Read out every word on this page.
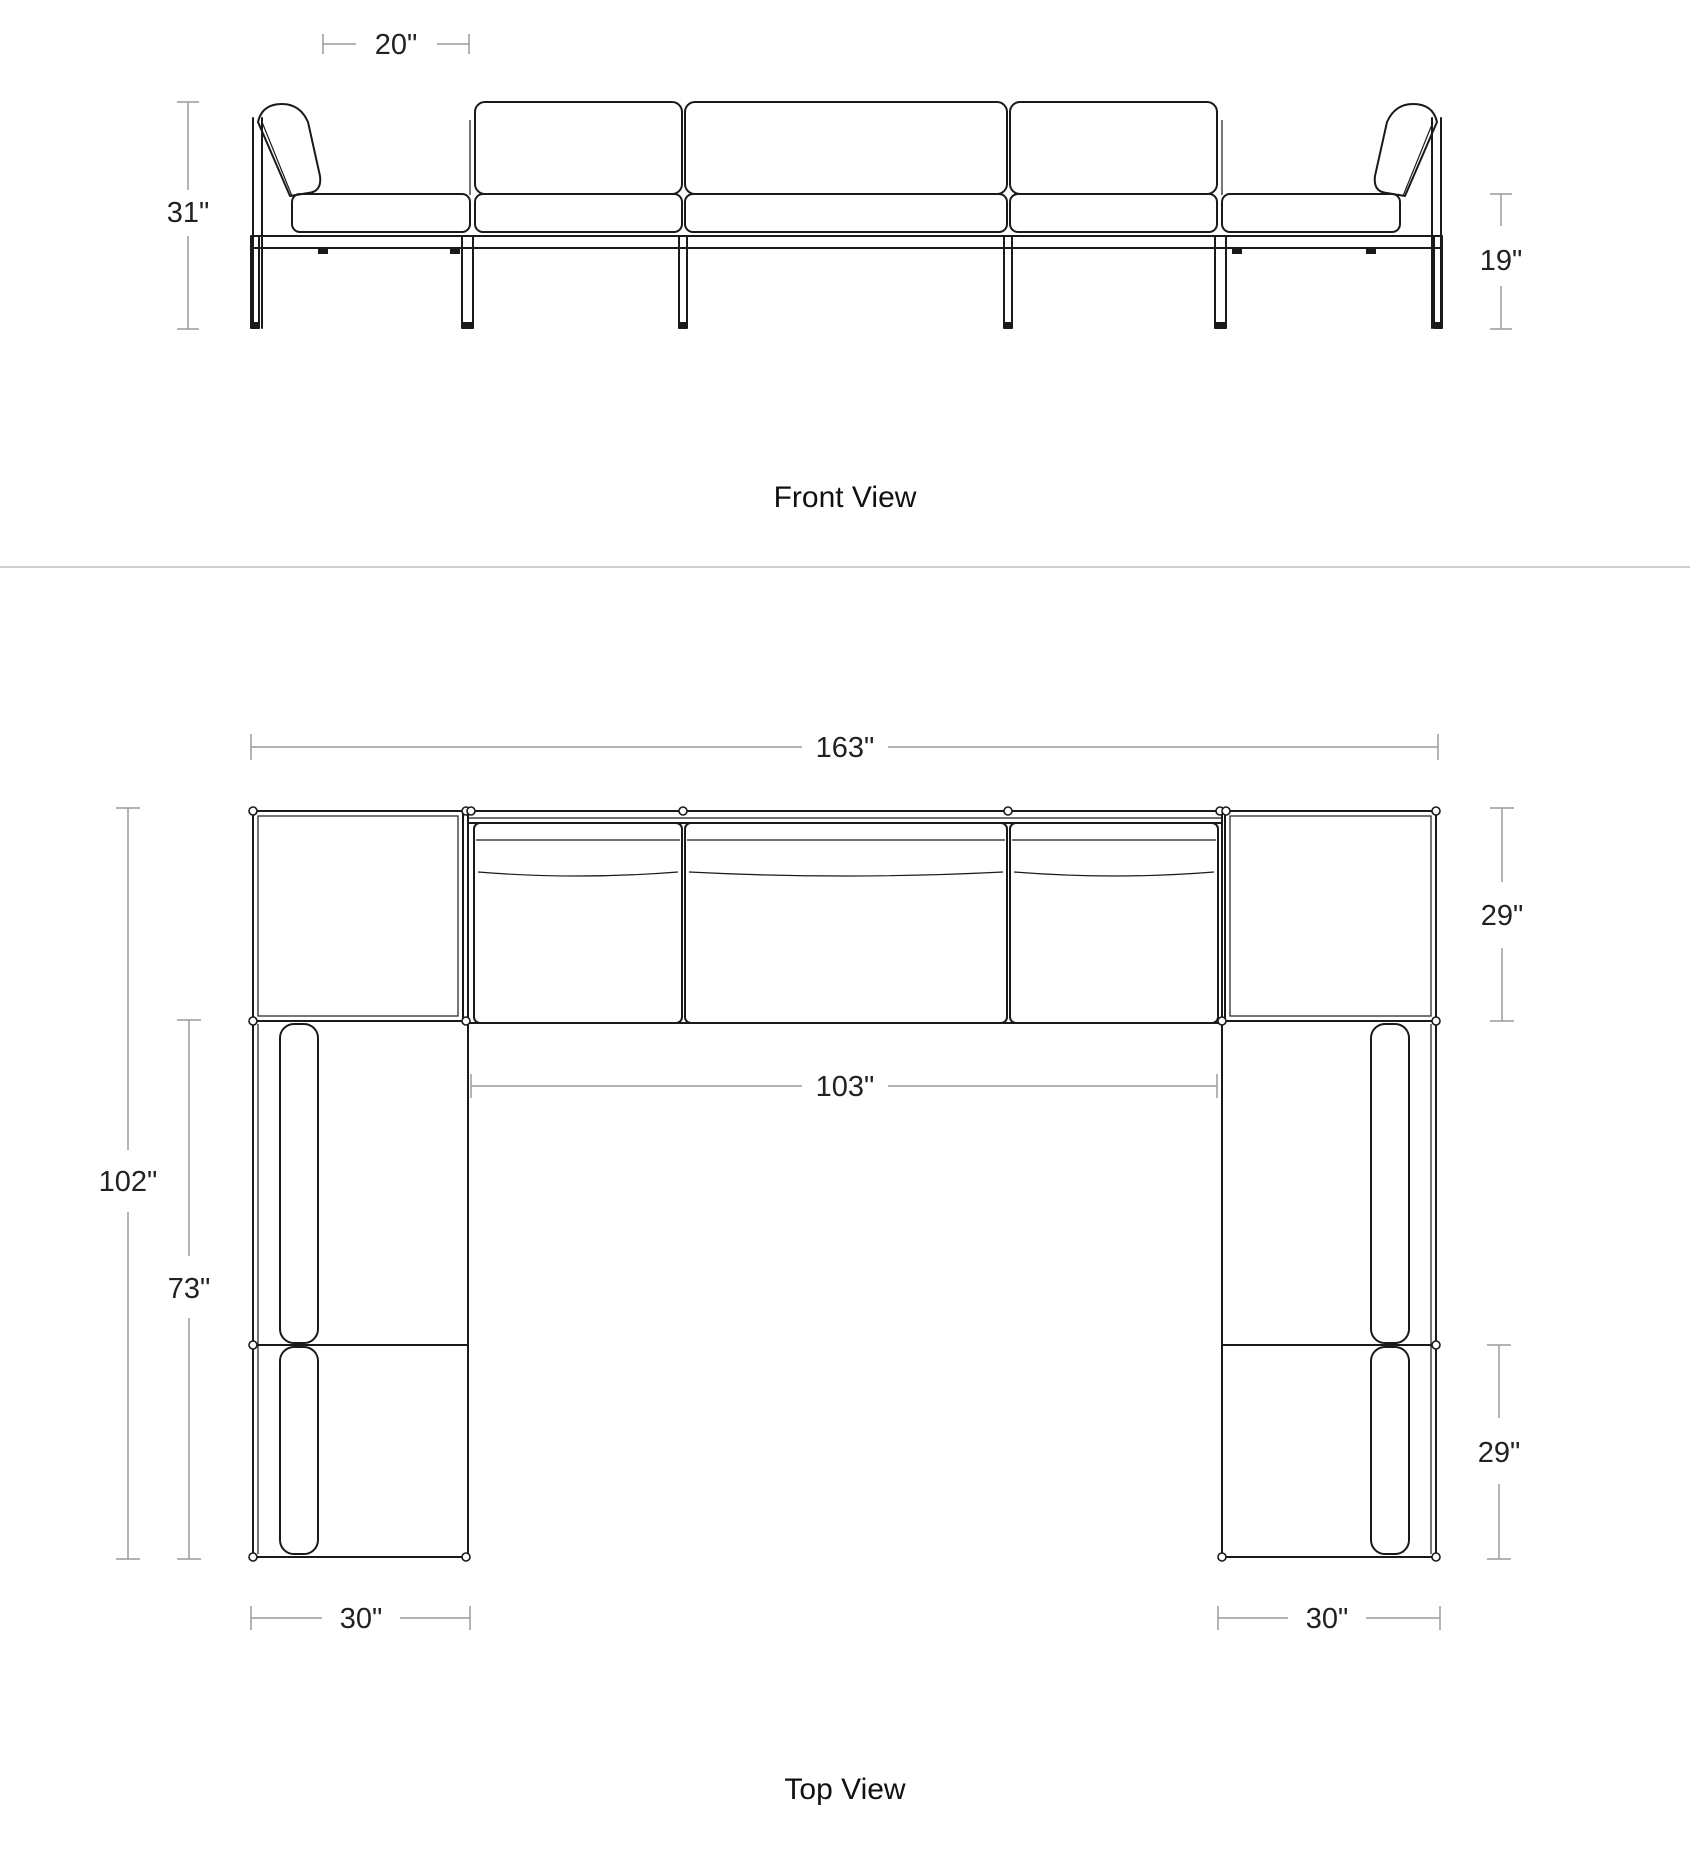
20"
31"
19"
Front View
163"
103"
102"
73"
29"
29"
30"	30"
Top View
